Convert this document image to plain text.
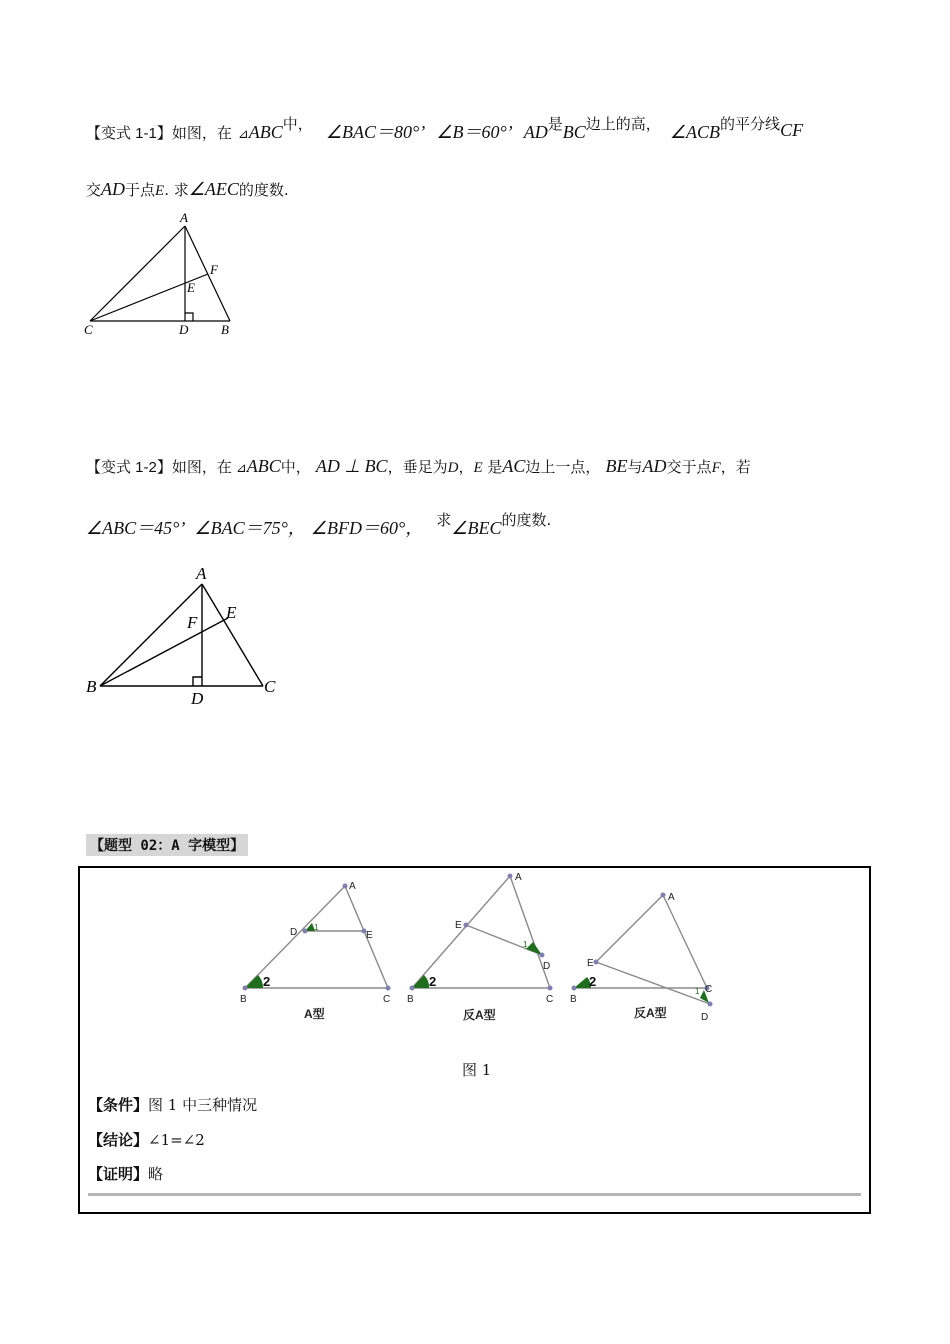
【变式 1-1】如图，在 ⊿ABC中， ∠BAC＝80°’ ∠B＝60°’ AD是BC边上的高， ∠ACB的平分线CF
交AD于点E. 求∠AEC的度数.
A
C	D	B
E
F
【变式 1-2】如图，在 ⊿ABC中， AD ⊥ BC，垂足为D，E 是AC边上一点， BE与AD交于点F，若
∠ABC＝45°’ ∠BAC＝75°， ∠BFD＝60°， 求∠BEC的度数.
A
B	C
D
E
F
【题型 02：A 字模型】
A
B	C
D	E
A
B	C
D
E
A
B
C
D
E
1
1
1
2	2	2
A型	反A型	反A型
图 1
【条件】图 1 中三种情况
【结论】∠1=∠2
【证明】略
